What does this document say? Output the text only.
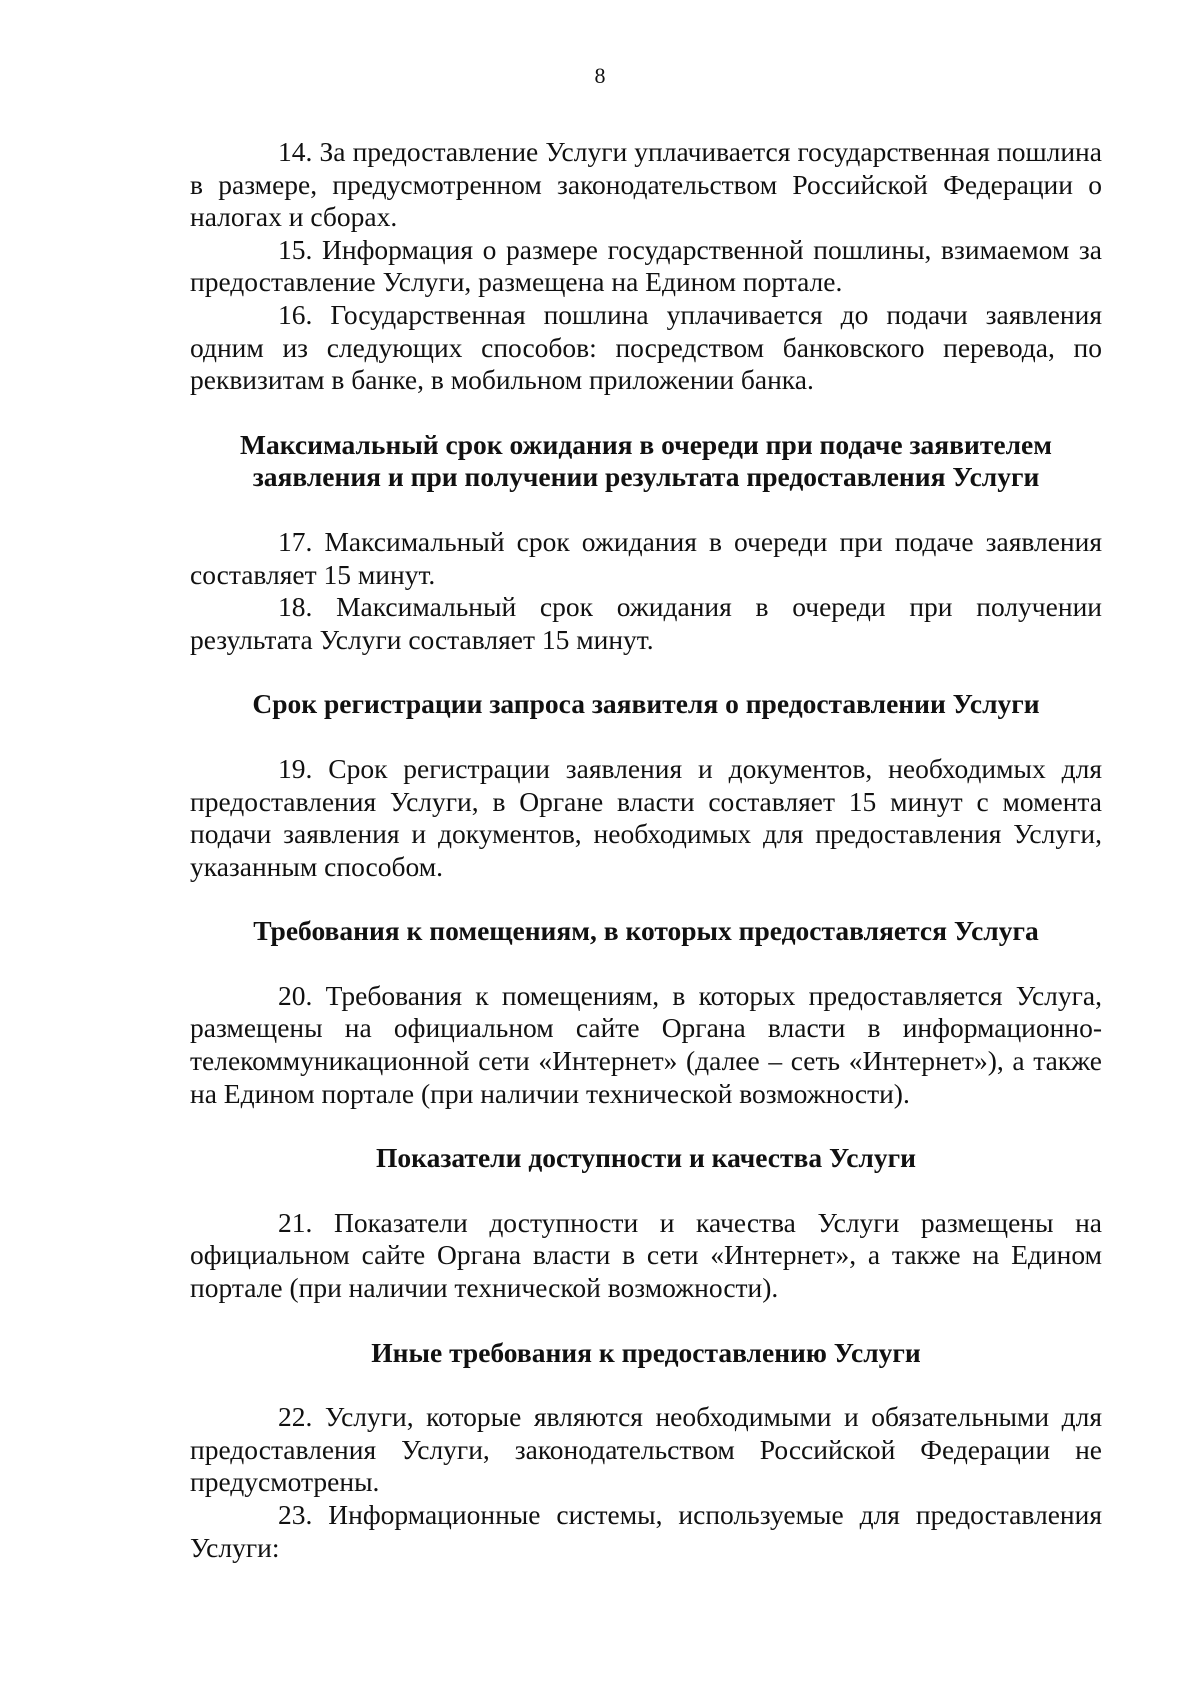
8

14. За предоставление Услуги уплачивается государственная пошлина в размере, предусмотренном законодательством Российской Федерации о налогах и сборах.

15. Информация о размере государственной пошлины, взимаемом за предоставление Услуги, размещена на Едином портале.

16. Государственная пошлина уплачивается до подачи заявления одним из следующих способов: посредством банковского перевода, по реквизитам в банке, в мобильном приложении банка.

Максимальный срок ожидания в очереди при подаче заявителем
заявления и при получении результата предоставления Услуги

17. Максимальный срок ожидания в очереди при подаче заявления составляет 15 минут.

18. Максимальный срок ожидания в очереди при получении результата Услуги составляет 15 минут.

Срок регистрации запроса заявителя о предоставлении Услуги

19. Срок регистрации заявления и документов, необходимых для предоставления Услуги, в Органе власти составляет 15 минут с момента подачи заявления и документов, необходимых для предоставления Услуги, указанным способом.

Требования к помещениям, в которых предоставляется Услуга

20. Требования к помещениям, в которых предоставляется Услуга, размещены на официальном сайте Органа власти в информационно-телекоммуникационной сети «Интернет» (далее – сеть «Интернет»), а также на Едином портале (при наличии технической возможности).

Показатели доступности и качества Услуги

21. Показатели доступности и качества Услуги размещены на официальном сайте Органа власти в сети «Интернет», а также на Едином портале (при наличии технической возможности).

Иные требования к предоставлению Услуги

22. Услуги, которые являются необходимыми и обязательными для предоставления Услуги, законодательством Российской Федерации не предусмотрены.

23. Информационные системы, используемые для предоставления Услуги:
